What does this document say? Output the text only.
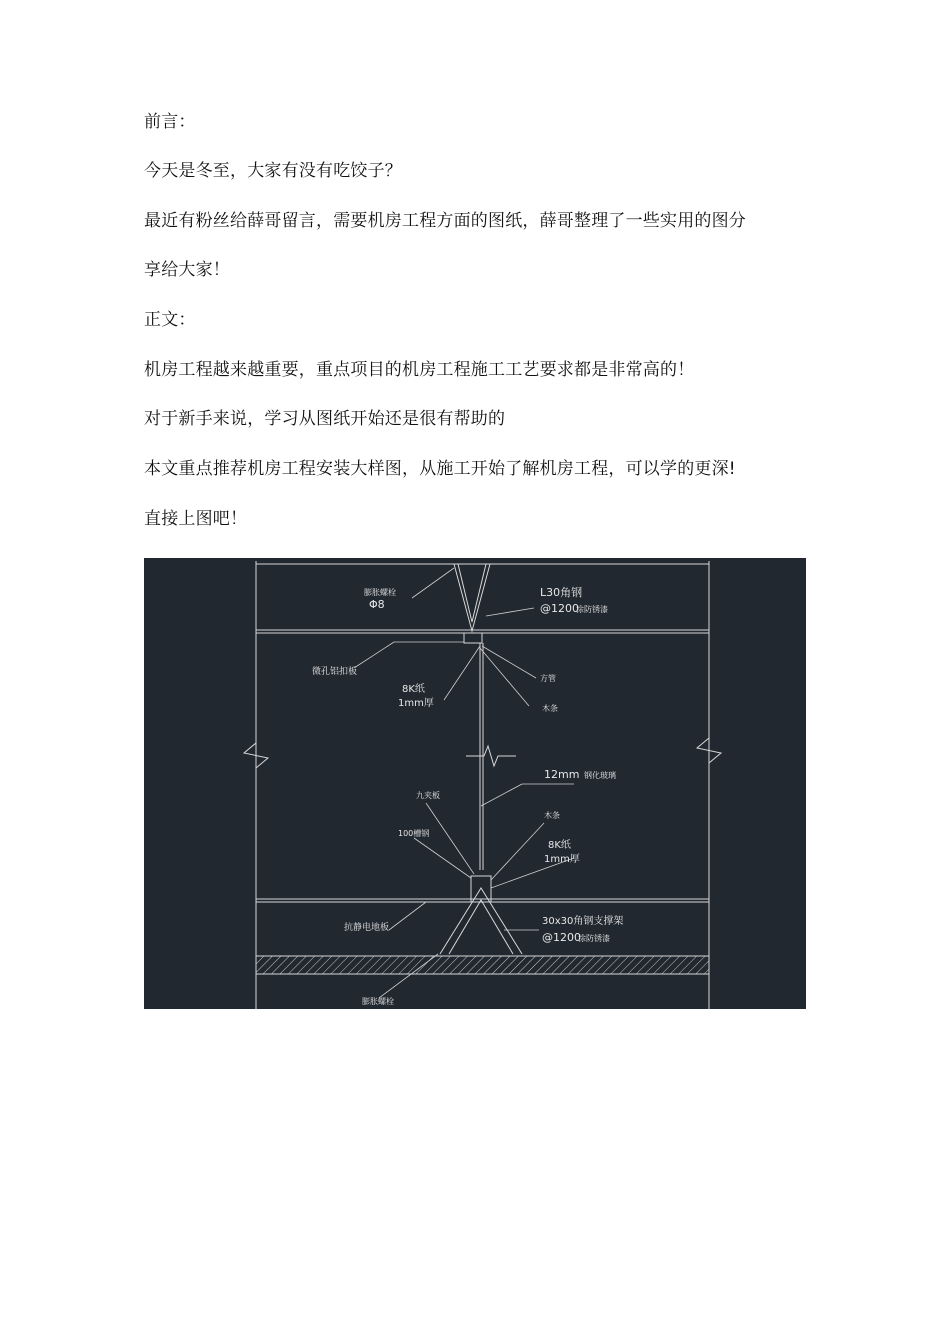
前言：
今天是冬至，大家有没有吃饺子？
最近有粉丝给薛哥留言，需要机房工程方面的图纸，薛哥整理了一些实用的图分
享给大家！
正文：
机房工程越来越重要，重点项目的机房工程施工工艺要求都是非常高的！
对于新手来说，学习从图纸开始还是很有帮助的
本文重点推荐机房工程安装大样图，从施工开始了解机房工程，可以学的更深!
直接上图吧！
膨胀螺栓
Φ8
L30角钢
@1200
涂防锈漆
微孔铝扣板
8K纸
1mm厚
方管
木条
12mm 钢化玻璃
九夹板
100槽钢
木条
8K纸
1mm厚
抗静电地板
30x30角钢支撑架
@1200
涂防锈漆
膨胀螺栓
